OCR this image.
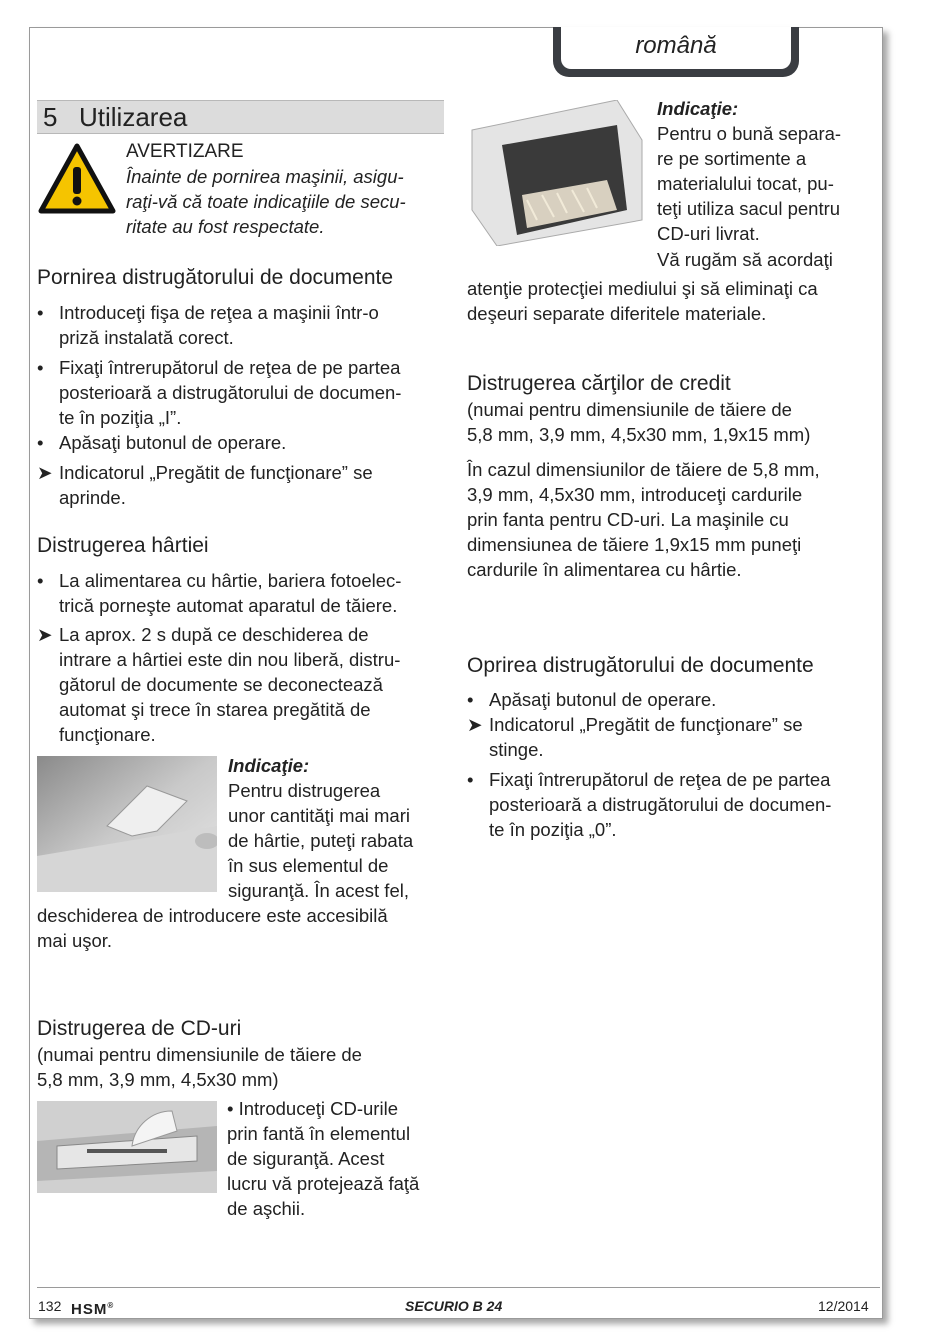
română
5 Utilizarea
AVERTIZARE
Înainte de pornirea maşinii, asigu-
raţi-vă că toate indicaţiile de secu-
ritate au fost respectate.
Pornirea distrugătorului de documente
• Introduceţi fişa de reţea a maşinii într-o
priză instalată corect.
• Fixaţi întrerupătorul de reţea de pe partea
posterioară a distrugătorului de documen-
te în poziţia „I”.
• Apăsaţi butonul de operare.
➤ Indicatorul „Pregătit de funcţionare” se
aprinde.
Distrugerea hârtiei
• La alimentarea cu hârtie, bariera fotoelec-
trică porneşte automat aparatul de tăiere.
➤ La aprox. 2 s după ce deschiderea de
intrare a hârtiei este din nou liberă, distru-
gătorul de documente se deconectează
automat şi trece în starea pregătită de
funcţionare.
Indicaţie:
Pentru distrugerea
unor cantităţi mai mari
de hârtie, puteţi rabata
în sus elementul de
siguranţă. În acest fel,
deschiderea de introducere este accesibilă
mai uşor.
Distrugerea de CD-uri
(numai pentru dimensiunile de tăiere de
5,8 mm, 3,9 mm, 4,5x30 mm)
• Introduceţi CD-urile
prin fantă în elementul
de siguranţă. Acest
lucru vă protejează faţă
de aşchii.
Indicaţie:
Pentru o bună separa-
re pe sortimente a
materialului tocat, pu-
teţi utiliza sacul pentru
CD-uri livrat.
Vă rugăm să acordaţi
atenţie protecţiei mediului şi să eliminaţi ca
deşeuri separate diferitele materiale.
Distrugerea cărţilor de credit
(numai pentru dimensiunile de tăiere de
5,8 mm, 3,9 mm, 4,5x30 mm, 1,9x15 mm)
În cazul dimensiunilor de tăiere de 5,8 mm,
3,9 mm, 4,5x30 mm, introduceţi cardurile
prin fanta pentru CD-uri. La maşinile cu
dimensiunea de tăiere 1,9x15 mm puneţi
cardurile în alimentarea cu hârtie.
Oprirea distrugătorului de documente
• Apăsaţi butonul de operare.
➤ Indicatorul „Pregătit de funcţionare” se
stinge.
• Fixaţi întrerupătorul de reţea de pe partea
posterioară a distrugătorului de documen-
te în poziţia „0”.
132 HSM®	SECURIO B 24	12/2014
